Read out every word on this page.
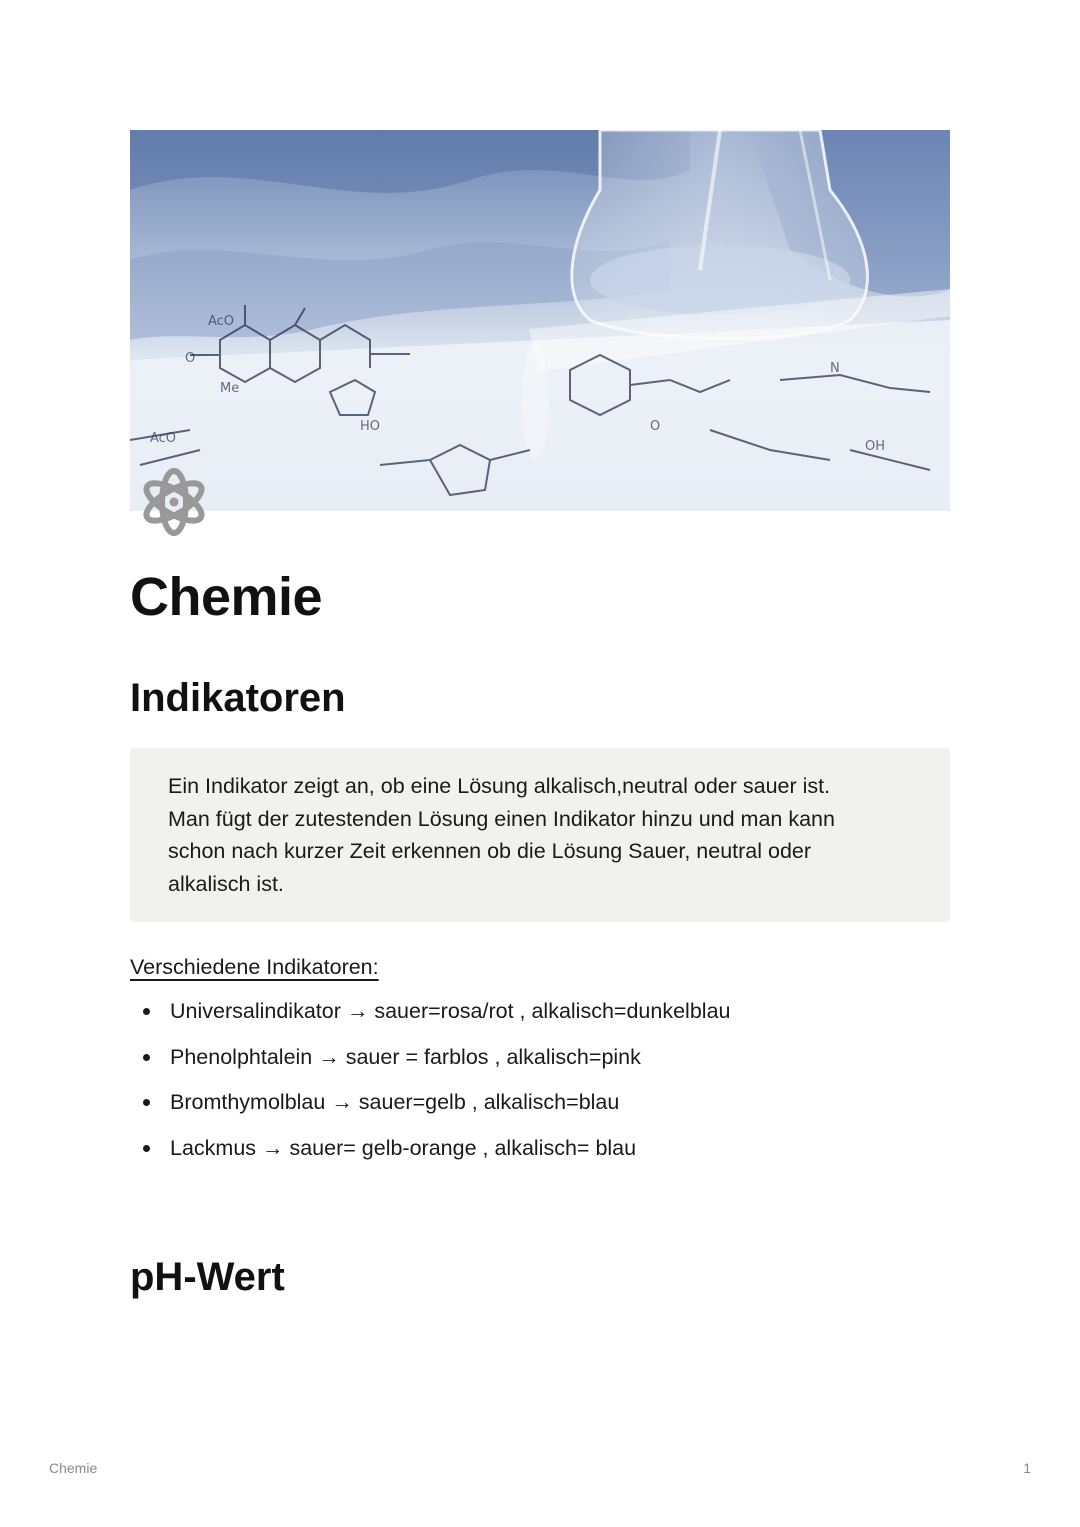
AcO
O
Me
AcO
HO	O
N
OH
Chemie
Indikatoren
Ein Indikator zeigt an, ob eine Lösung alkalisch,neutral oder sauer ist.
Man fügt der zutestenden Lösung einen Indikator hinzu und man kann
schon nach kurzer Zeit erkennen ob die Lösung Sauer, neutral oder
alkalisch ist.

Verschiedene Indikatoren:

Universalindikator → sauer=rosa/rot , alkalisch=dunkelblau
Phenolphtalein → sauer = farblos , alkalisch=pink
Bromthymolblau → sauer=gelb , alkalisch=blau
Lackmus → sauer= gelb-orange , alkalisch= blau
pH-Wert
Chemie	1
